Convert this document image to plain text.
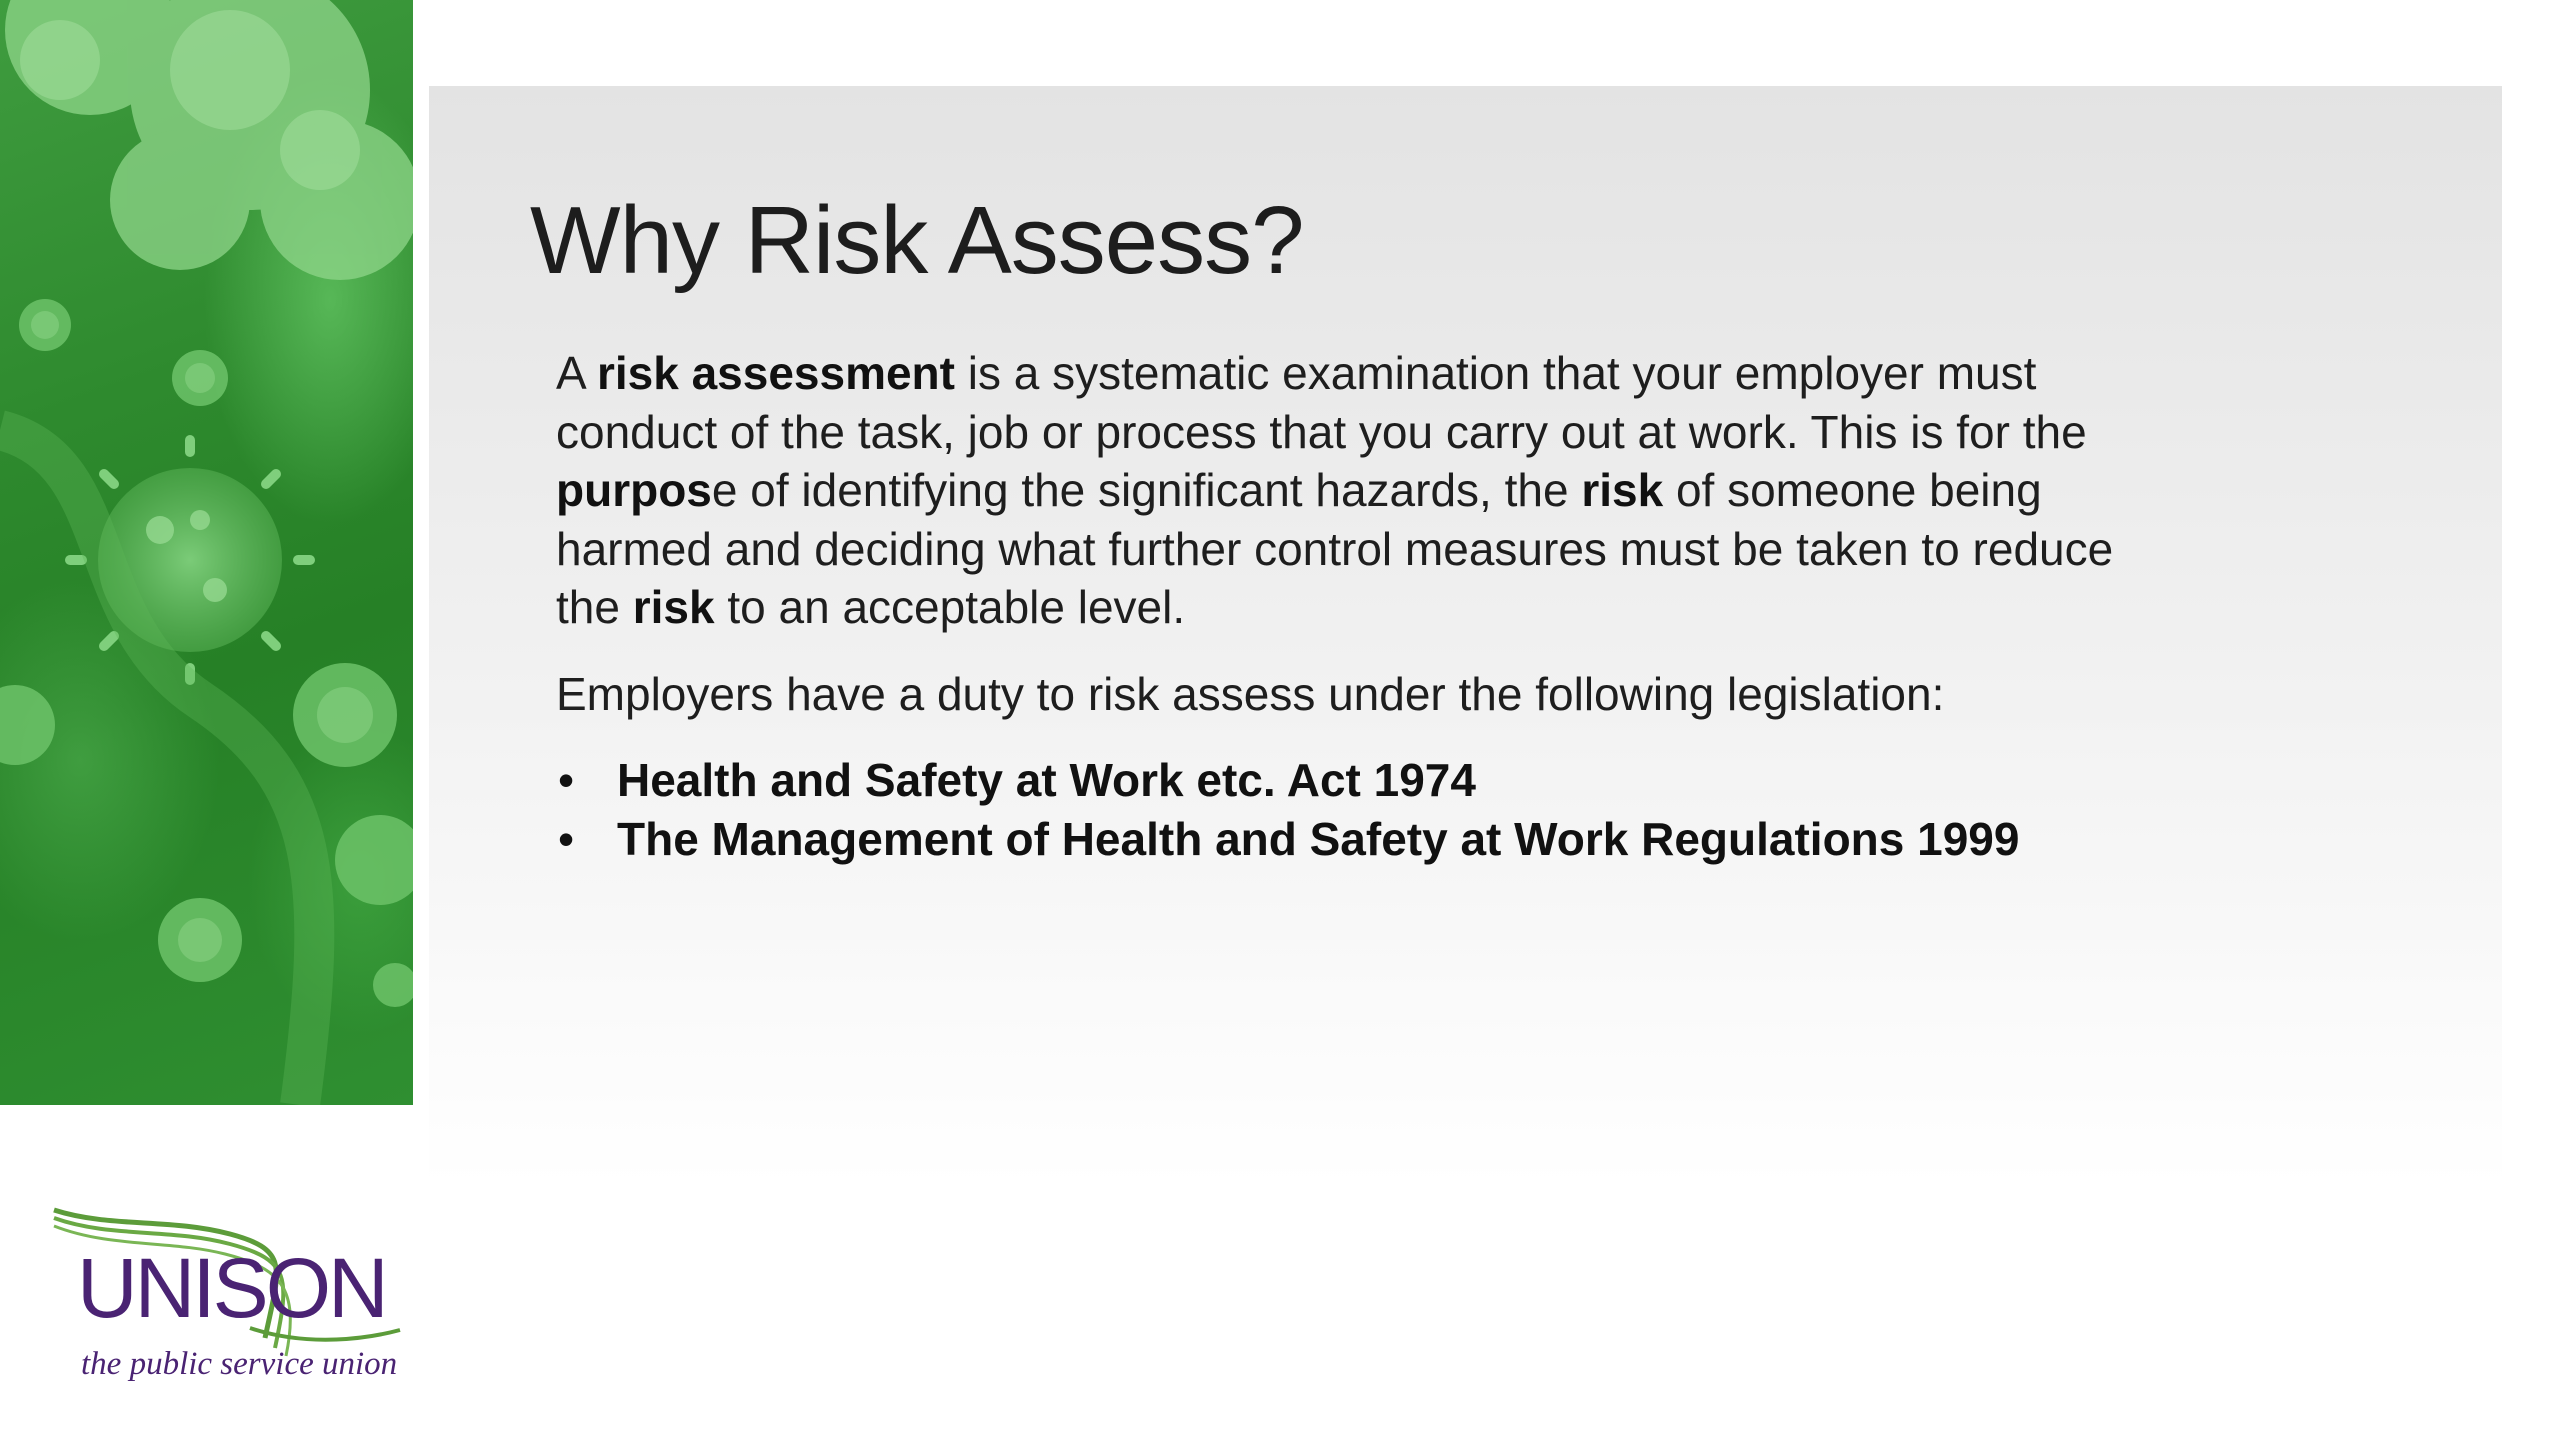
Why Risk Assess?

A risk assessment is a systematic examination that your employer must conduct of the task, job or process that you carry out at work. This is for the purpose of identifying the significant hazards, the risk of someone being harmed and deciding what further control measures must be taken to reduce the risk to an acceptable level.

Employers have a duty to risk assess under the following legislation:

• Health and Safety at Work etc. Act 1974
• The Management of Health and Safety at Work Regulations 1999
UNISON
the public service union
